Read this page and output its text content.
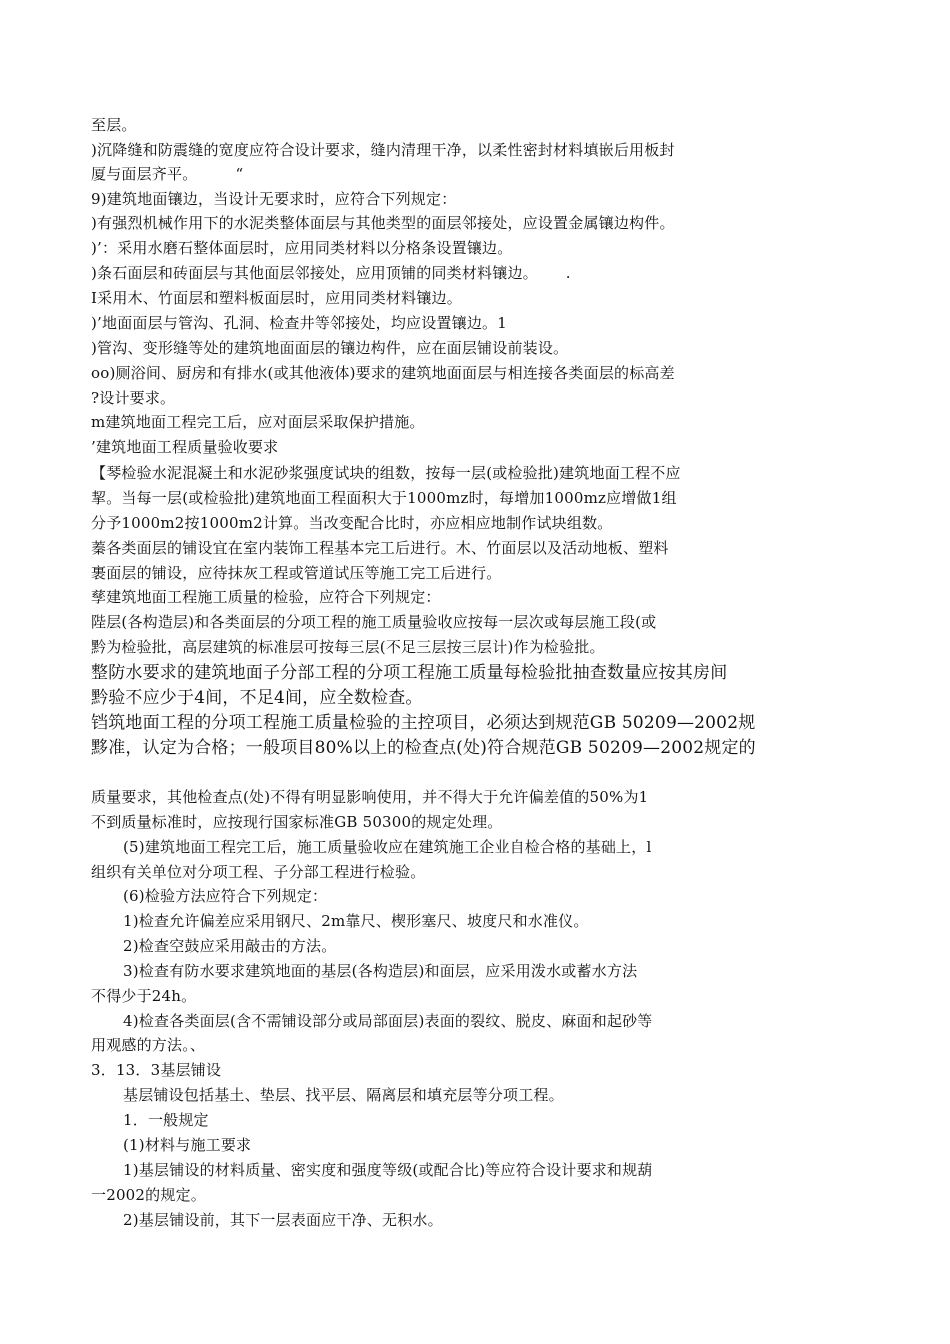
至层。
)沉降缝和防震缝的宽度应符合设计要求，缝内清理干净，以柔性密封材料填嵌后用板封
厦与面层齐平。　　　“
9)建筑地面镶边，当设计无要求时，应符合下列规定：
)有强烈机械作用下的水泥类整体面层与其他类型的面层邻接处，应设置金属镶边构件。
)’：采用水磨石整体面层时，应用同类材料以分格条设置镶边。
)条石面层和砖面层与其他面层邻接处，应用顶铺的同类材料镶边。　　 .
I采用木、竹面层和塑料板面层时，应用同类材料镶边。
)’地面面层与管沟、孔洞、检查井等邻接处，均应设置镶边。1
)管沟、变形缝等处的建筑地面面层的镶边构件，应在面层铺设前装设。
oo)厕浴间、厨房和有排水(或其他液体)要求的建筑地面面层与相连接各类面层的标高差
?设计要求。
m建筑地面工程完工后，应对面层采取保护措施。
’建筑地面工程质量验收要求
【琴检验水泥混凝土和水泥砂浆强度试块的组数，按每一层(或检验批)建筑地面工程不应
挈。当每一层(或检验批)建筑地面工程面积大于1000mz时，每增加1000mz应增做1组
分予1000m2按1000m2计算。当改变配合比时，亦应相应地制作试块组数。
蓁各类面层的铺设宜在室内装饰工程基本完工后进行。木、竹面层以及活动地板、塑料
裹面层的铺设，应待抹灰工程或管道试压等施工完工后进行。
孳建筑地面工程施工质量的检验，应符合下列规定：
陛层(各构造层)和各类面层的分项工程的施工质量验收应按每一层次或每层施工段(或
黔为检验批，高层建筑的标准层可按每三层(不足三层按三层计)作为检验批。
整防水要求的建筑地面子分部工程的分项工程施工质量每检验批抽查数量应按其房间
黔验不应少于4间，不足4间，应全数检查。
铛筑地面工程的分项工程施工质量检验的主控项目，必须达到规范GB 50209—2002规
黟准，认定为合格；一般项目80%以上的检查点(处)符合规范GB 50209—2002规定的
质量要求，其他检查点(处)不得有明显影响使用，并不得大于允许偏差值的50%为1
不到质量标准时，应按现行国家标准GB 50300的规定处理。
(5)建筑地面工程完工后，施工质量验收应在建筑施工企业自检合格的基础上，l
组织有关单位对分项工程、子分部工程进行检验。
(6)检验方法应符合下列规定：
1)检查允许偏差应采用钢尺、2m靠尺、楔形塞尺、坡度尺和水准仪。
2)检查空鼓应采用敲击的方法。
3)检查有防水要求建筑地面的基层(各构造层)和面层，应采用泼水或蓄水方法
不得少于24h。
4)检查各类面层(含不需铺设部分或局部面层)表面的裂纹、脱皮、麻面和起砂等
用观感的方法。、
3．13．3基层铺设
基层铺设包括基土、垫层、找平层、隔离层和填充层等分项工程。
1．一般规定
(1)材料与施工要求
1)基层铺设的材料质量、密实度和强度等级(或配合比)等应符合设计要求和规葫
一2002的规定。
2)基层铺设前，其下一层表面应干净、无积水。
